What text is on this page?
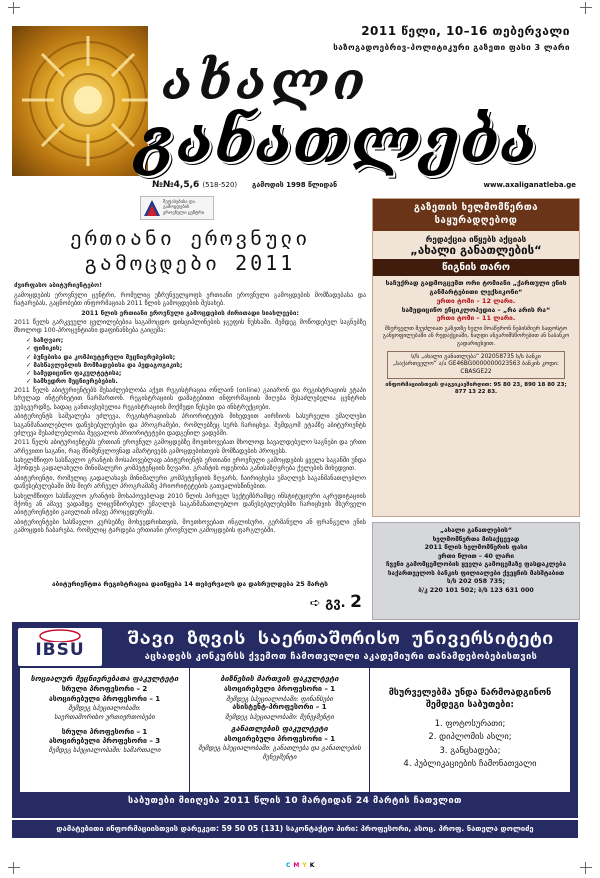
2011 წელი, 10–16 თებერვალი
საზოგადოებრივ-პოლიტიკური გაზეთი ფასი 3 ლარი
ახალი
განათლება
№№4,5,6 (518-520) გამოდის 1998 წლიდან	www.axaliganatleba.ge
შეფასებისა და გამოცდების ეროვნული ცენტრი
ერთიანი ეროვნული
გამოცდები 2011

ძვირფასო აბიტურიენტებო!

გამოცდების ეროვნული ცენტრი, რომელიც უზრუნველყოფს ერთიანი ეროვნული გამოცდების მომზადებასა და ჩატარებას, გაცნობებთ ინფორმაციას 2011 წლის გამოცდების შესახებ.

2011 წლის ერთიანი ეროვნული გამოცდების ძირითადი სიახლეები:

2011 წელს გარკვეული ცვლილებებია საგამოცდო დისციპლინების ჯგუფის ნუსხაში. შემდეგ მოწოდებულ საგნებზე მხოლოდ 100-პროცენტიანი დაფინანსება გაიცემა:

✓ საზღვაო;
✓ ფიზიკის;
✓ ბუნებისა და კომპიუტერული მეცნიერებების;
✓ მასწავლებლის მომზადებისა და პედაგოგიკის;
✓ სამედიცინო ფაკულტეტისა;
✓ სამხედრო მეცნიერებების.

2011 წელს აბიტურიენტებს შესაძლებლობა აქვთ რეგისტრაცია ონლაინ (online) გაიარონ და რეგისტრაციის ეტაპი სრულად ინტერნეტით წარმართონ. რეგისტრაციის დამატებითი ინფორმაციის მიღება შესაძლებელია ცენტრის ვებგვერდზე, სადაც განთავსებულია რეგისტრაციის მოქმედი წესები და ინსტრუქციები.

აბიტურიენტს საშუალება ეძლევა, რეგისტრაციისას პრიორიტეტის მიხედვით აირჩიოს სასურველი უმაღლესი საგანმანათლებლო დაწესებულებები და პროგრამები, რომლებზეც სურს ჩარიცხვა. შემდგომ ეტაპზე აბიტურიენტს ეძლევა შესაძლებლობა შეცვალოს პრიორიტეტები დადგენილ ვადებში.

2011 წელს აბიტურიენტებს ერთიან ეროვნულ გამოცდებზე მოეთხოვებათ მხოლოდ სავალდებულო საგნები და ერთი არჩევითი საგანი, რაც მნიშვნელოვნად ამარტივებს გამოცდებისთვის მომზადების პროცესს.

სახელმწიფო სასწავლო გრანტის მოსაპოვებლად აბიტურიენტს ერთიანი ეროვნული გამოცდების ყველა საგანში უნდა ჰქონდეს გადალახული მინიმალური კომპეტენციის ზღვარი. გრანტის ოდენობა განისაზღვრება ქულების მიხედვით.

აბიტურიენტი, რომელიც გადალახავს მინიმალური კომპეტენციის ზღვარს, ჩაირიცხება უმაღლეს საგანმანათლებლო დაწესებულებაში მის მიერ არჩეულ პროგრამაზე პრიორიტეტების გათვალისწინებით.

სახელმწიფო სასწავლო გრანტის მოსაპოვებლად 2010 წლის პირველ სექტემბრამდე ინსტიტუციური აკრედიტაციის მქონე ან ამავე ვადამდე ლიცენზირებულ უმაღლეს საგანმანათლებლო დაწესებულებებში ჩარიცხვის მსურველი აბიტურიენტები გაივლიან იმავე პროცედურებს.

აბიტურიენტები სასწავლო კურსებზე მოხვედრისთვის, მოეთხოვებათ ინგლისური, გერმანული ან ფრანგული ენის გამოცდის ჩაბარება, რომელიც ტარდება ერთიანი ეროვნული გამოცდების ფარგლებში.

აბიტურიენტთა რეგისტრაცია დაიწყება 14 თებერვალს და დასრულდება 25 მარტს
➪ გვ. 2
გაზეთის ხელმომწერთა საყურადღებოდ
რედაქცია იწყებს აქციას
„ახალი განათლების“
წიგნის თარო
საჩუქრად გადმოგცემთ ორი ტომიანი „ქართული ენის განმარტებითი ლექსიკონი“
ერთი ტომი – 12 ლარი.
სამედიცინო ენციკლოპედია – „რა არის რა“
ერთი ტომი – 11 ლარი.
მსურველთ შეუძლიათ გაზეთზე ხელი მოაწერონ ნებისმიერ საფოსტო განყოფილებაში ან რედაქციაში, ნაღდი ანგარიშსწორებით ან საბანკო გადარიცხვით.
ს/ს „ახალი განათლება“ 202058735 ს/ს ბანკი „საქართველო“ ა/ა GE46BG0000000023563 ბანკის კოდი: CBASGE22
ინფორმაციისთვის დაგვიკავშირდით: 95 80 23, 890 18 80 23; 877 13 22 83.
„ახალი განათლების“
ხელმომწერთა მისაქცევად
2011 წლის ხელმომწერის ფასი
ერთი წლით – 40 ლარი
ჩვენი გამომცემლობის ყველა გამოცემაზე ფასდაკლება
საქართველოს ბანკის ფილიალები ქვეყნის მასშტაბით
ს/ს 202 058 735;
ბ/კ 220 101 502; ბ/ს 123 631 000
IBSU
შავი ზღვის საერთაშორისო უნივერსიტეტი
აცხადებს კონკურსს ქვემოთ ჩამოთვლილი აკადემიური თანამდებობებისთვის
სოციალურ მეცნიერებათა ფაკულტეტი
სრული პროფესორი – 2
ასოცირებული პროფესორი – 1
შემდეგ სპეციალობაში:
საერთაშორისო ურთიერთობები
სრული პროფესორი – 1
ასოცირებული პროფესორი – 3
შემდეგ სპეციალობაში: სამართალი
ბიზნესის მართვის ფაკულტეტი
ასოცირებული პროფესორი – 1
შემდეგ სპეციალობაში: ფინანსები
ასისტენტ-პროფესორი – 1
შემდეგ სპეციალობაში: მენეჯმენტი
განათლების ფაკულტეტი
ასოცირებული პროფესორი – 1
შემდეგ სპეციალობაში: განათლება და განათლების მენეჯმენტი
მსურველებმა უნდა წარმოადგინონ შემდეგი საბუთები:
1. ფოტოსურათი;
2. დიპლომის ასლი;
3. განცხადება;
4. პუბლიკაციების ჩამონათვალი
საბუთები მიიღება 2011 წლის 10 მარტიდან 24 მარტის ჩათვლით
დამატებითი ინფორმაციისთვის დარეკეთ: 59 50 05 (131) საკონტაქტო პირი: პროფესორი, ასოც. პროფ. ნათელა დოლიძე
CMYK
